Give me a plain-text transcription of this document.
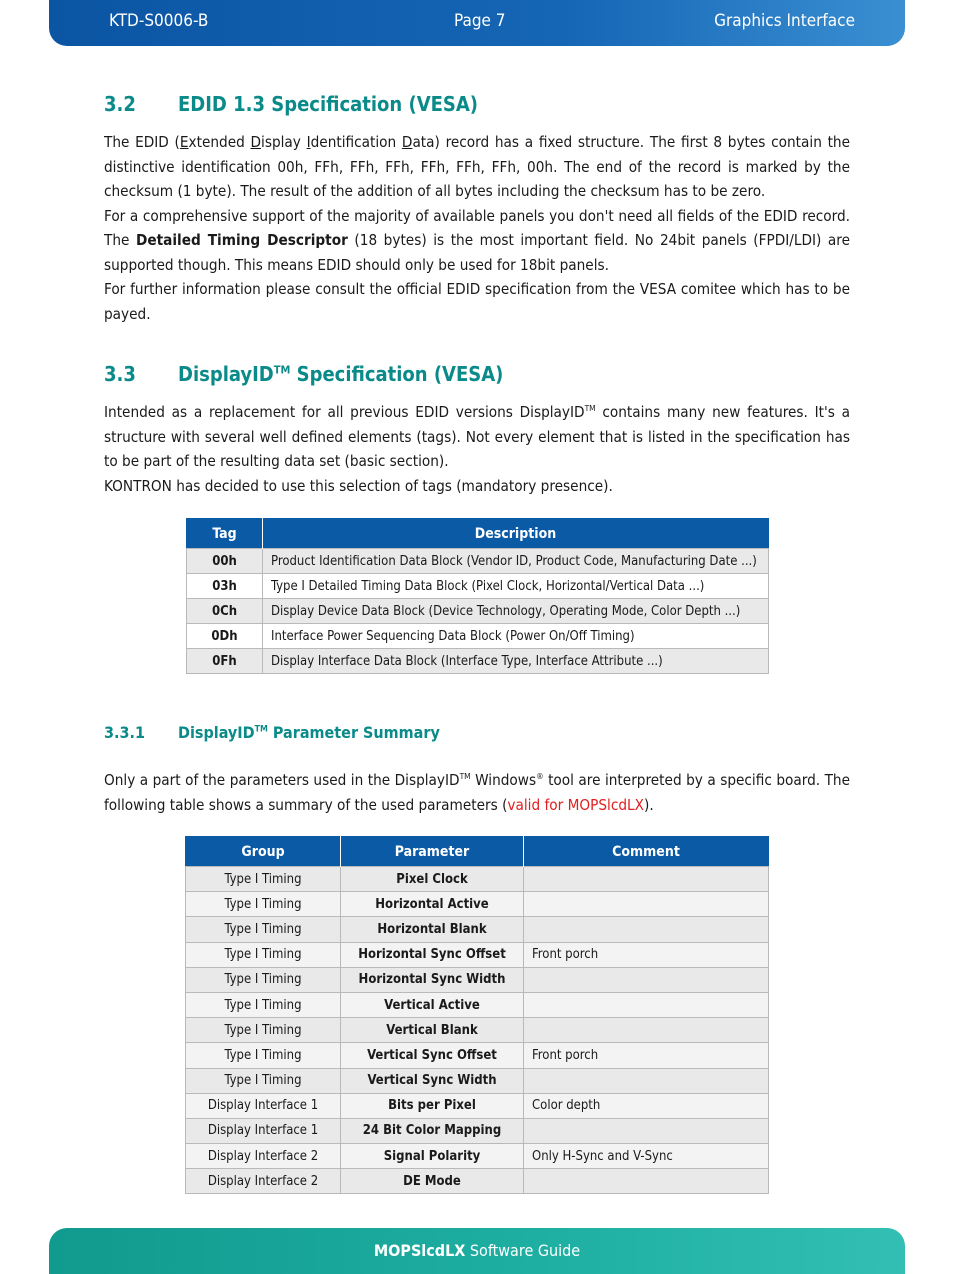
KTD-S0006-B	Page 7	Graphics Interface
3.2 EDID 1.3 Specification (VESA)

The EDID (Extended Display Identification Data) record has a fixed structure. The first 8 bytes contain the distinctive identification 00h, FFh, FFh, FFh, FFh, FFh, FFh, 00h. The end of the record is marked by the checksum (1 byte). The result of the addition of all bytes including the checksum has to be zero.

For a comprehensive support of the majority of available panels you don't need all fields of the EDID record. The Detailed Timing Descriptor (18 bytes) is the most important field. No 24bit panels (FPDI/LDI) are supported though. This means EDID should only be used for 18bit panels.

For further information please consult the official EDID specification from the VESA comitee which has to be payed.

3.3 DisplayID™ Specification (VESA)

Intended as a replacement for all previous EDID versions DisplayID™ contains many new features. It's a structure with several well defined elements (tags). Not every element that is listed in the specification has to be part of the resulting data set (basic section).

KONTRON has decided to use this selection of tags (mandatory presence).

Tag	Description
00h	Product Identification Data Block (Vendor ID, Product Code, Manufacturing Date ...)
03h	Type I Detailed Timing Data Block (Pixel Clock, Horizontal/Vertical Data ...)
0Ch	Display Device Data Block (Device Technology, Operating Mode, Color Depth ...)
0Dh	Interface Power Sequencing Data Block (Power On/Off Timing)
0Fh	Display Interface Data Block (Interface Type, Interface Attribute ...)
3.3.1 DisplayID™ Parameter Summary

Only a part of the parameters used in the DisplayID™ Windows® tool are interpreted by a specific board. The following table shows a summary of the used parameters (valid for MOPSlcdLX).

Group	Parameter	Comment
Type I Timing	Pixel Clock	
Type I Timing	Horizontal Active	
Type I Timing	Horizontal Blank	
Type I Timing	Horizontal Sync Offset	Front porch
Type I Timing	Horizontal Sync Width	
Type I Timing	Vertical Active	
Type I Timing	Vertical Blank	
Type I Timing	Vertical Sync Offset	Front porch
Type I Timing	Vertical Sync Width	
Display Interface 1	Bits per Pixel	Color depth
Display Interface 1	24 Bit Color Mapping	
Display Interface 2	Signal Polarity	Only H-Sync and V-Sync
Display Interface 2	DE Mode	
MOPSlcdLX Software Guide
